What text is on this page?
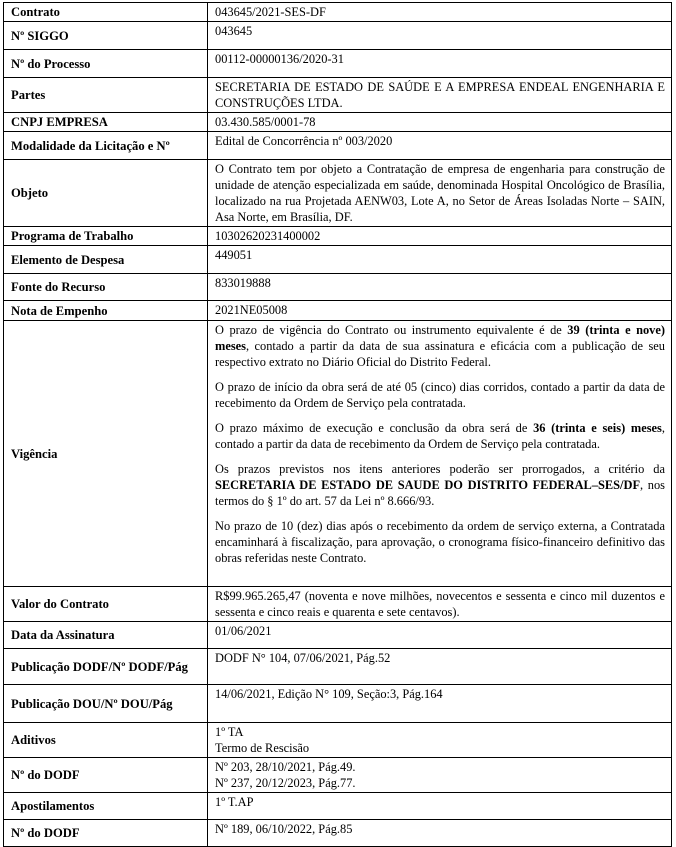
Contrato	043645/2021-SES-DF
Nº SIGGO	043645
Nº do Processo	00112-00000136/2020-31
Partes	SECRETARIA DE ESTADO DE SAÚDE E A EMPRESA ENDEAL ENGENHARIA E CONSTRUÇÕES LTDA.
CNPJ EMPRESA	03.430.585/0001-78
Modalidade da Licitação e Nº	Edital de Concorrência nº 003/2020
Objeto	O Contrato tem por objeto a Contratação de empresa de engenharia para construção de unidade de atenção especializada em saúde, denominada Hospital Oncológico de Brasília, localizado na rua Projetada AENW03, Lote A, no Setor de Áreas Isoladas Norte – SAIN, Asa Norte, em Brasília, DF.
Programa de Trabalho	10302620231400002
Elemento de Despesa	449051
Fonte do Recurso	833019888
Nota de Empenho	2021NE05008
Vigência	O prazo de vigência do Contrato ou instrumento equivalente é de 39 (trinta e nove) meses, contado a partir da data de sua assinatura e eficácia com a publicação de seu respectivo extrato no Diário Oficial do Distrito Federal.

O prazo de início da obra será de até 05 (cinco) dias corridos, contado a partir da data de recebimento da Ordem de Serviço pela contratada.

O prazo máximo de execução e conclusão da obra será de 36 (trinta e seis) meses, contado a partir da data de recebimento da Ordem de Serviço pela contratada.

Os prazos previstos nos itens anteriores poderão ser prorrogados, a critério da SECRETARIA DE ESTADO DE SAUDE DO DISTRITO FEDERAL–SES/DF, nos termos do § 1º do art. 57 da Lei nº 8.666/93.

No prazo de 10 (dez) dias após o recebimento da ordem de serviço externa, a Contratada encaminhará à fiscalização, para aprovação, o cronograma físico-financeiro definitivo das obras referidas neste Contrato.

Valor do Contrato	R$99.965.265,47 (noventa e nove milhões, novecentos e sessenta e cinco mil duzentos e sessenta e cinco reais e quarenta e sete centavos).
Data da Assinatura	01/06/2021
Publicação DODF/Nº DODF/Pág	DODF N° 104, 07/06/2021, Pág.52
Publicação DOU/Nº DOU/Pág	14/06/2021, Edição N° 109, Seção:3, Pág.164
Aditivos	1º TA
Termo de Rescisão

Nº do DODF	Nº 203, 28/10/2021, Pág.49.
Nº 237, 20/12/2023, Pág.77.

Apostilamentos	1º T.AP
Nº do DODF	Nº 189, 06/10/2022, Pág.85
